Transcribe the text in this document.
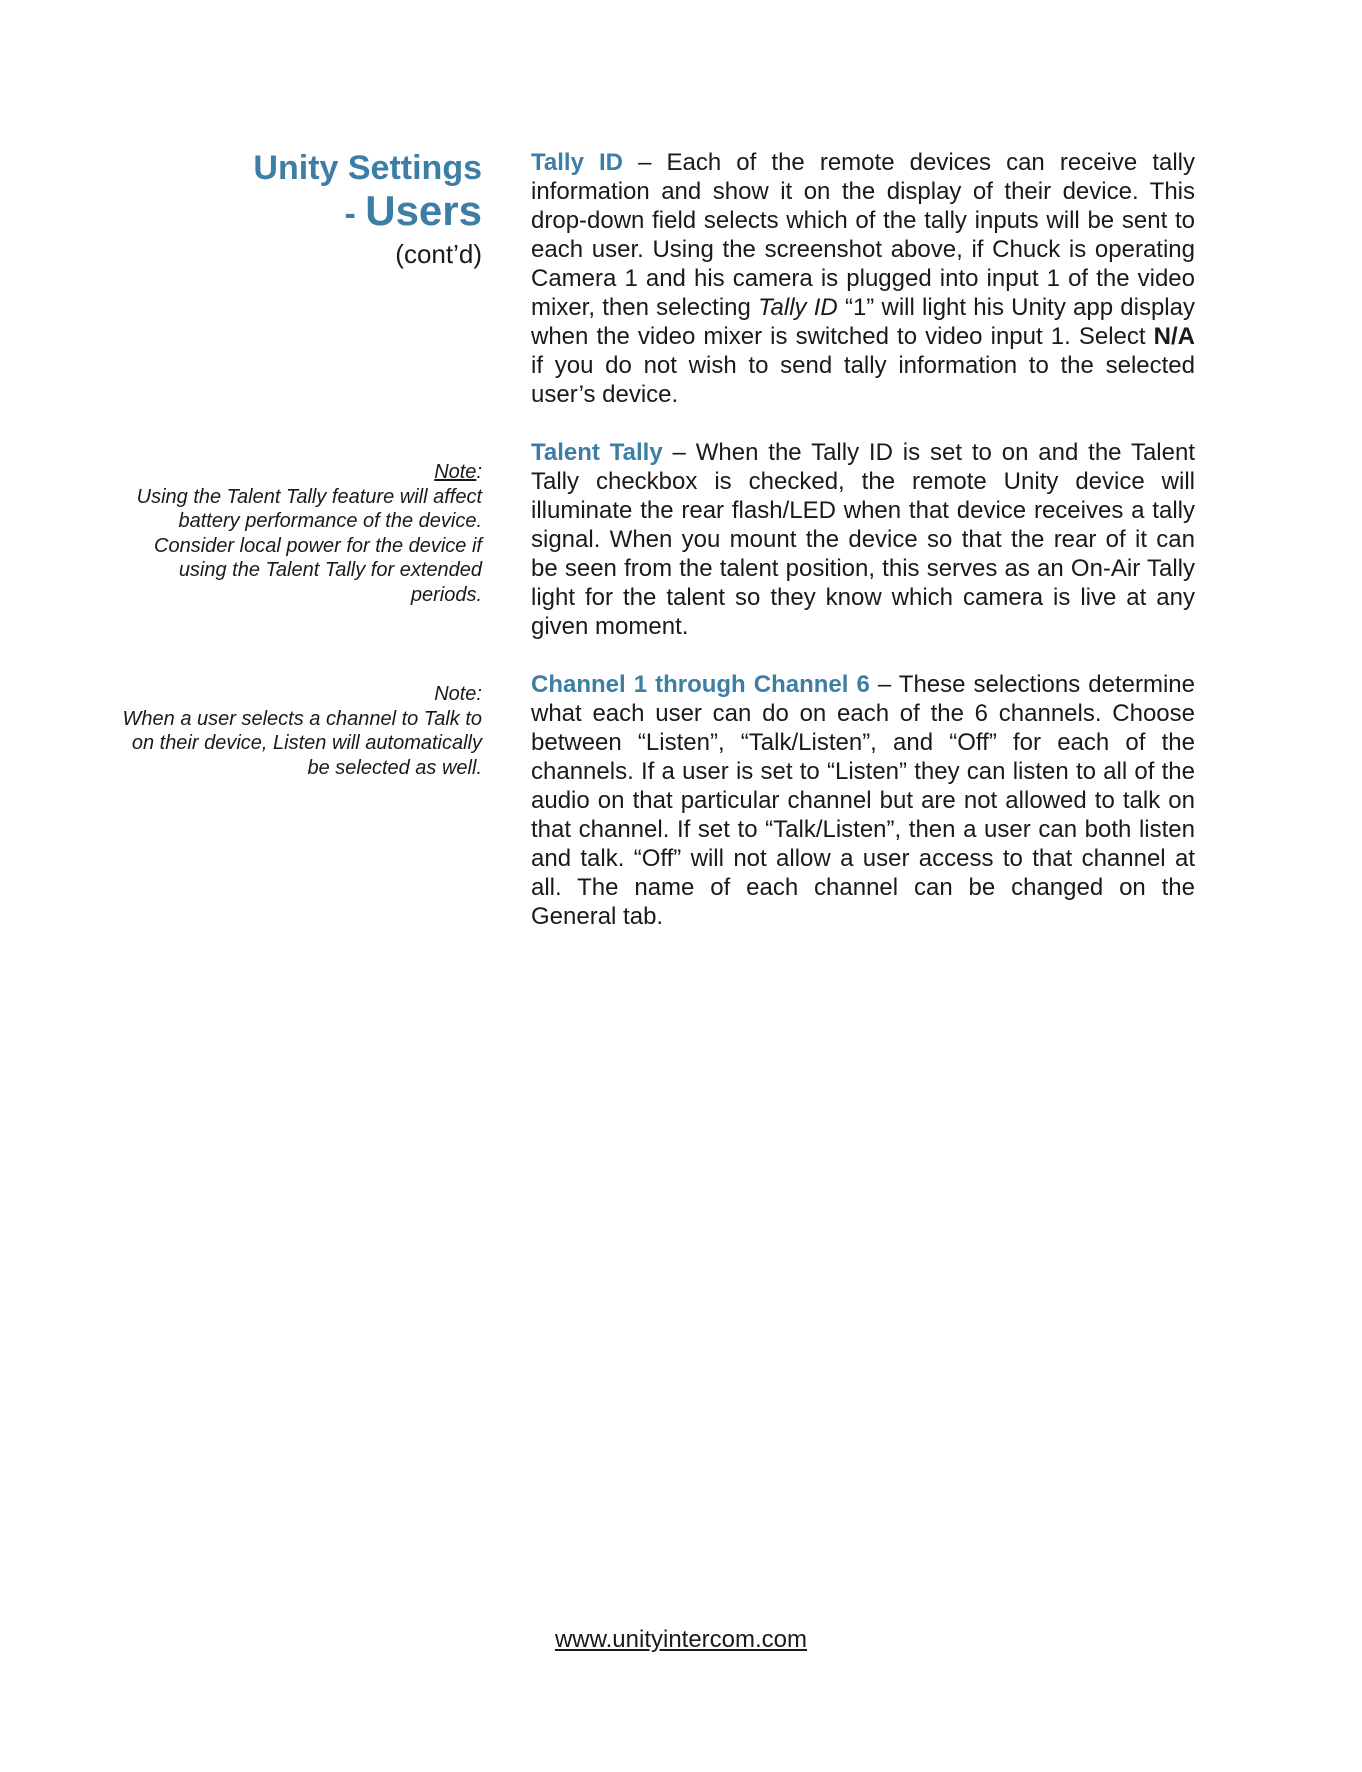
Unity Settings
- Users
(cont’d)
Note:
Using the Talent Tally feature will affect battery performance of the device. Consider local power for the device if using the Talent Tally for extended periods.
Note:
When a user selects a channel to Talk to on their device, Listen will automatically be selected as well.

Tally ID – Each of the remote devices can receive tally information and show it on the display of their device. This drop-down field selects which of the tally inputs will be sent to each user. Using the screenshot above, if Chuck is operating Camera 1 and his camera is plugged into input 1 of the video mixer, then selecting Tally ID “1” will light his Unity app display when the video mixer is switched to video input 1. Select N/A if you do not wish to send tally information to the selected user’s device.

Talent Tally – When the Tally ID is set to on and the Talent Tally checkbox is checked, the remote Unity device will illuminate the rear flash/LED when that device receives a tally signal. When you mount the device so that the rear of it can be seen from the talent position, this serves as an On-Air Tally light for the talent so they know which camera is live at any given moment.

Channel 1 through Channel 6 – These selections determine what each user can do on each of the 6 channels. Choose between “Listen”, “Talk/Listen”, and “Off” for each of the channels. If a user is set to “Listen” they can listen to all of the audio on that particular channel but are not allowed to talk on that channel. If set to “Talk/Listen”, then a user can both listen and talk. “Off” will not allow a user access to that channel at all. The name of each channel can be changed on the General tab.

www.unityintercom.com
